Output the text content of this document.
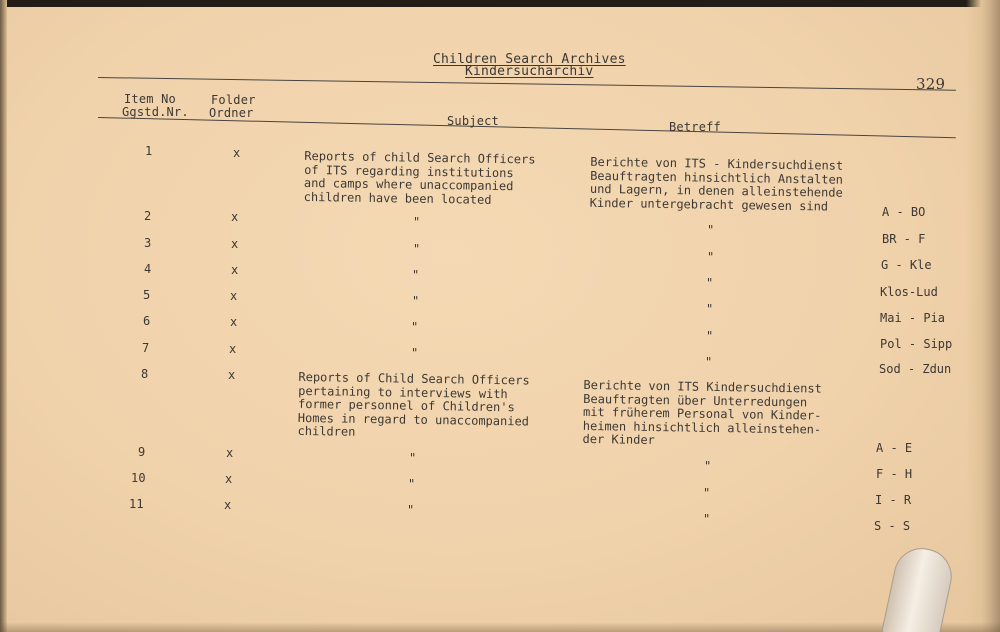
Children Search Archives
Kindersucharchiv
329
Item No
Ggstd.Nr.
Folder
Ordner
Subject	Betreff
1
2
3
4
5
6
7
8
9
10
11
x
x
x
x
x
x
x
x
x
x
x
Reports of child Search Officers
of ITS regarding institutions
and camps where unaccompanied
children have been located
Reports of Child Search Officers
pertaining to interviews with
former personnel of Children's
Homes in regard to unaccompanied
children
"
"
"
"
"
"
"
"
"
Berichte von ITS - Kindersuchdienst
Beauftragten hinsichtlich Anstalten
und Lagern, in denen alleinstehende
Kinder untergebracht gewesen sind
Berichte von ITS Kindersuchdienst
Beauftragten über Unterredungen
mit früherem Personal von Kinder-
heimen hinsichtlich alleinstehen-
der Kinder
"
"
"
"
"
"
"
"
"
A - BO
BR - F
G - Kle
Klos-Lud
Mai - Pia
Pol - Sipp
Sod - Zdun
A - E
F - H
I - R
S - S
